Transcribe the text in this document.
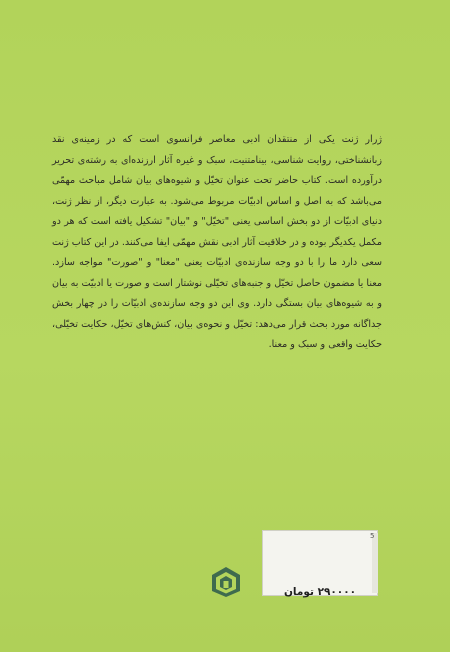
ژرار ژنت یکی از منتقدان ادبی معاصر فرانسوی است که در زمینه‌ی نقد زبانشناختی، روایت شناسی، بینامتنیت، سبک و غیره آثار ارزنده‌ای به رشته‌ی تحریر درآورده است. کتاب حاضر تحت عنوان تخیّل و شیوه‌های بیان شامل مباحث مهمّی می‌باشد که به اصل و اساس ادبیّات مربوط می‌شود. به عبارت دیگر، از نظر ژنت، دنیای ادبیّات از دو بخش اساسی یعنی "تخیّل" و "بیان" تشکیل یافته است که هر دو مکمل یکدیگر بوده و در خلاقیت آثار ادبی نقش مهمّی ایفا می‌کنند. در این کتاب ژنت سعی دارد ما را با دو وجه سازنده‌ی ادبیّات یعنی "معنا" و "صورت" مواجه سازد. معنا یا مضمون حاصل تخیّل و جنبه‌های تخیّلی نوشتار است و صورت یا ادبیّت به بیان و به شیوه‌های بیان بستگی دارد. وی این دو وجه سازنده‌ی ادبیّات را در چهار بخش جداگانه مورد بحث قرار می‌دهد: تخیّل و نحوه‌ی بیان، کنش‌های تخیّل، حکایت تخیّلی، حکایت واقعی و سبک و معنا.

5
۲۹۰۰۰۰ تومان
